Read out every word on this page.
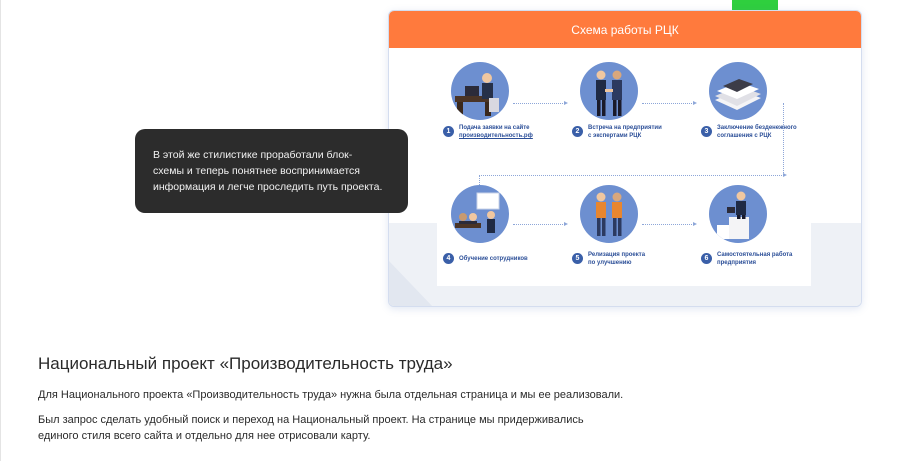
Схема работы РЦК
1	Подача заявки на сайте
производительность.рф
2	Встреча на предприятии
с экспертами РЦК
3	Заключение безденежного
соглашения с РЦК
4	Обучение сотрудников	5	Релизация проекта
по улучшению
6	Самостоятельная работа
предприятия
В этой же стилистике проработали блок-
схемы и теперь понятнее воспринимается
информация и легче проследить путь проекта.
Национальный проект «Производительность труда»
Для Национального проекта «Производительность труда» нужна была отдельная страница и мы ее реализовали.
Был запрос сделать удобный поиск и переход на Национальный проект. На странице мы придерживались
единого стиля всего сайта и отдельно для нее отрисовали карту.
